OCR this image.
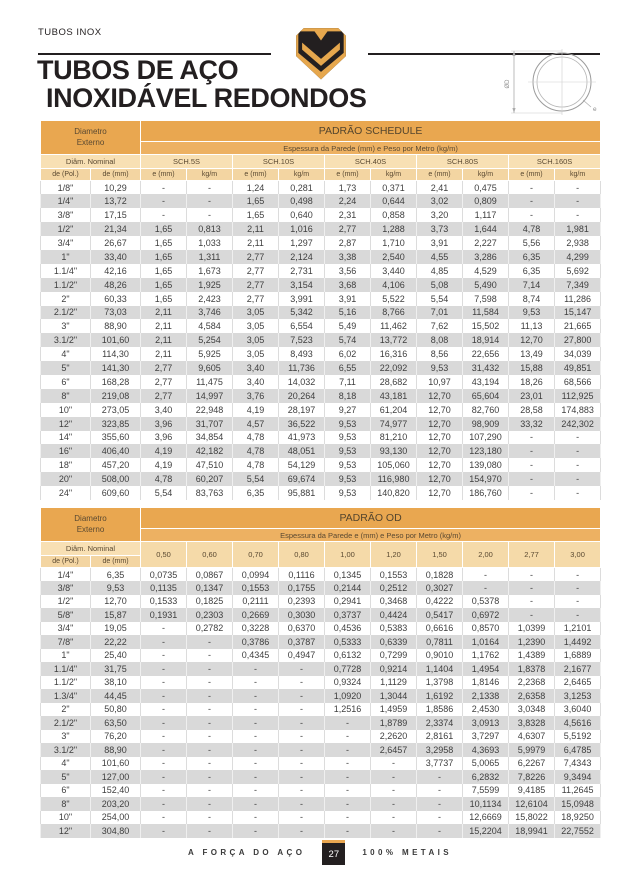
TUBOS INOX
TUBOS DE AÇO
INOXIDÁVEL REDONDOS	ØD
e
Diametro
Externo		PADRÃO SCHEDULE									
		Espessura da Parede (mm) e Peso por Metro (kg/m)									
Diâm. Nominal		SCH.5S		SCH.10S		SCH.40S		SCH.80S		SCH.160S	
de (Pol.)	de (mm)	e (mm)	kg/m	e (mm)	kg/m	e (mm)	kg/m	e (mm)	kg/m	e (mm)	kg/m
1/8"	10,29	-	-	1,24	0,281	1,73	0,371	2,41	0,475	-	-
1/4"	13,72	-	-	1,65	0,498	2,24	0,644	3,02	0,809	-	-
3/8"	17,15	-	-	1,65	0,640	2,31	0,858	3,20	1,117	-	-
1/2"	21,34	1,65	0,813	2,11	1,016	2,77	1,288	3,73	1,644	4,78	1,981
3/4"	26,67	1,65	1,033	2,11	1,297	2,87	1,710	3,91	2,227	5,56	2,938
1"	33,40	1,65	1,311	2,77	2,124	3,38	2,540	4,55	3,286	6,35	4,299
1.1/4"	42,16	1,65	1,673	2,77	2,731	3,56	3,440	4,85	4,529	6,35	5,692
1.1/2"	48,26	1,65	1,925	2,77	3,154	3,68	4,106	5,08	5,490	7,14	7,349
2"	60,33	1,65	2,423	2,77	3,991	3,91	5,522	5,54	7,598	8,74	11,286
2.1/2"	73,03	2,11	3,746	3,05	5,342	5,16	8,766	7,01	11,584	9,53	15,147
3"	88,90	2,11	4,584	3,05	6,554	5,49	11,462	7,62	15,502	11,13	21,665
3.1/2"	101,60	2,11	5,254	3,05	7,523	5,74	13,772	8,08	18,914	12,70	27,800
4"	114,30	2,11	5,925	3,05	8,493	6,02	16,316	8,56	22,656	13,49	34,039
5"	141,30	2,77	9,605	3,40	11,736	6,55	22,092	9,53	31,432	15,88	49,851
6"	168,28	2,77	11,475	3,40	14,032	7,11	28,682	10,97	43,194	18,26	68,566
8"	219,08	2,77	14,997	3,76	20,264	8,18	43,181	12,70	65,604	23,01	112,925
10"	273,05	3,40	22,948	4,19	28,197	9,27	61,204	12,70	82,760	28,58	174,883
12"	323,85	3,96	31,707	4,57	36,522	9,53	74,977	12,70	98,909	33,32	242,302
14"	355,60	3,96	34,854	4,78	41,973	9,53	81,210	12,70	107,290	-	-
16"	406,40	4,19	42,182	4,78	48,051	9,53	93,130	12,70	123,180	-	-
18"	457,20	4,19	47,510	4,78	54,129	9,53	105,060	12,70	139,080	-	-
20"	508,00	4,78	60,207	5,54	69,674	9,53	116,980	12,70	154,970	-	-
24"	609,60	5,54	83,763	6,35	95,881	9,53	140,820	12,70	186,760	-	-
Diametro
Externo		PADRÃO OD									
		Espessura da Parede e (mm) e Peso por Metro (kg/m)									
Diâm. Nominal		0,50	0,60	0,70	0,80	1,00	1,20	1,50	2,00	2,77	3,00
de (Pol.)	de (mm)										
1/4"	6,35	0,0735	0,0867	0,0994	0,1116	0,1345	0,1553	0,1828	-	-	-
3/8"	9,53	0,1135	0,1347	0,1553	0,1755	0,2144	0,2512	0,3027	-	-	-
1/2"	12,70	0,1533	0,1825	0,2111	0,2393	0,2941	0,3468	0,4222	0,5378	-	-
5/8"	15,87	0,1931	0,2303	0,2669	0,3030	0,3737	0,4424	0,5417	0,6972	-	-
3/4"	19,05	-	0,2782	0,3228	0,6370	0,4536	0,5383	0,6616	0,8570	1,0399	1,2101
7/8"	22,22	-	-	0,3786	0,3787	0,5333	0,6339	0,7811	1,0164	1,2390	1,4492
1"	25,40	-	-	0,4345	0,4947	0,6132	0,7299	0,9010	1,1762	1,4389	1,6889
1.1/4"	31,75	-	-	-	-	0,7728	0,9214	1,1404	1,4954	1,8378	2,1677
1.1/2"	38,10	-	-	-	-	0,9324	1,1129	1,3798	1,8146	2,2368	2,6465
1.3/4"	44,45	-	-	-	-	1,0920	1,3044	1,6192	2,1338	2,6358	3,1253
2"	50,80	-	-	-	-	1,2516	1,4959	1,8586	2,4530	3,0348	3,6040
2.1/2"	63,50	-	-	-	-	-	1,8789	2,3374	3,0913	3,8328	4,5616
3"	76,20	-	-	-	-	-	2,2620	2,8161	3,7297	4,6307	5,5192
3.1/2"	88,90	-	-	-	-	-	2,6457	3,2958	4,3693	5,9979	6,4785
4"	101,60	-	-	-	-	-	-	3,7737	5,0065	6,2267	7,4343
5"	127,00	-	-	-	-	-	-	-	6,2832	7,8226	9,3494
6"	152,40	-	-	-	-	-	-	-	7,5599	9,4185	11,2645
8"	203,20	-	-	-	-	-	-	-	10,1134	12,6104	15,0948
10"	254,00	-	-	-	-	-	-	-	12,6669	15,8022	18,9250
12"	304,80	-	-	-	-	-	-	-	15,2204	18,9941	22,7552
A FORÇA DO AÇO	27	100% METAIS
